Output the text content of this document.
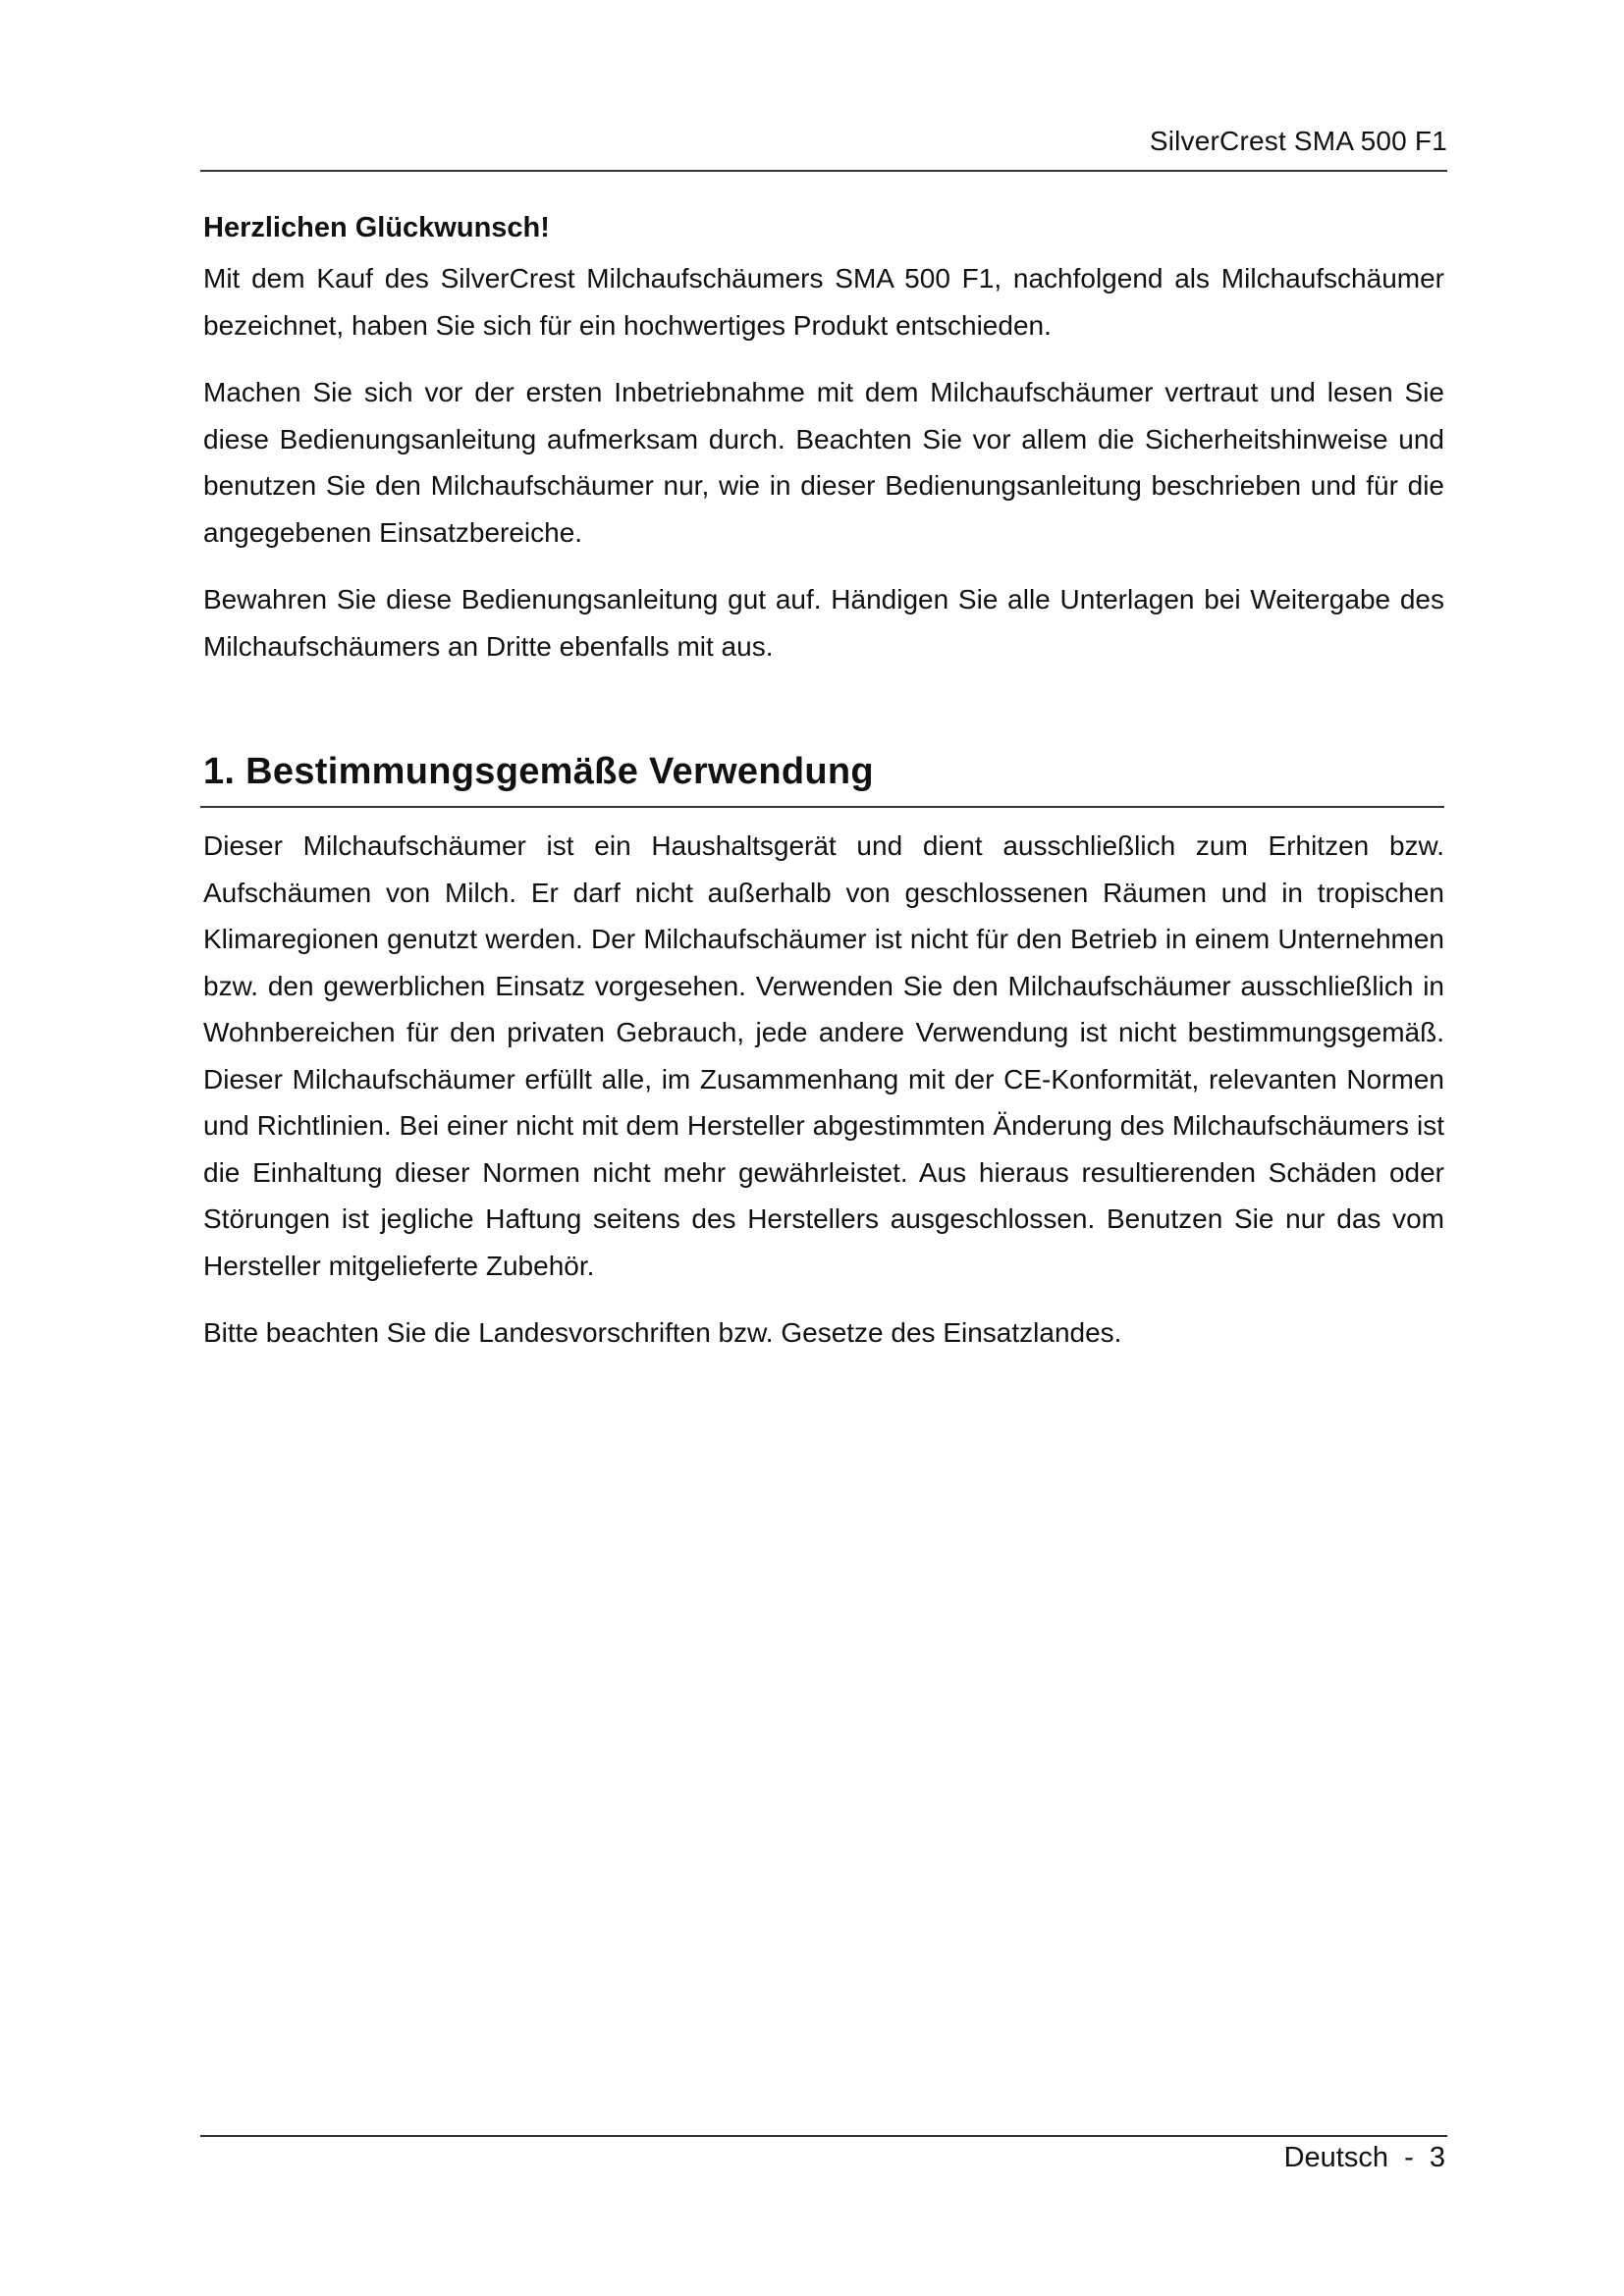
SilverCrest SMA 500 F1
Herzlichen Glückwunsch!

Mit dem Kauf des SilverCrest Milchaufschäumers SMA 500 F1, nachfolgend als Milchaufschäumer bezeichnet, haben Sie sich für ein hochwertiges Produkt entschieden.

Machen Sie sich vor der ersten Inbetriebnahme mit dem Milchaufschäumer vertraut und lesen Sie diese Bedienungsanleitung aufmerksam durch. Beachten Sie vor allem die Sicherheitshinweise und benutzen Sie den Milchaufschäumer nur, wie in dieser Bedienungsanleitung beschrieben und für die angegebenen Einsatzbereiche.

Bewahren Sie diese Bedienungsanleitung gut auf. Händigen Sie alle Unterlagen bei Weitergabe des Milchaufschäumers an Dritte ebenfalls mit aus.

1. Bestimmungsgemäße Verwendung

Dieser Milchaufschäumer ist ein Haushaltsgerät und dient ausschließlich zum Erhitzen bzw. Aufschäumen von Milch. Er darf nicht außerhalb von geschlossenen Räumen und in tropischen Klimaregionen genutzt werden. Der Milchaufschäumer ist nicht für den Betrieb in einem Unternehmen bzw. den gewerblichen Einsatz vorgesehen. Verwenden Sie den Milchaufschäumer ausschließlich in Wohnbereichen für den privaten Gebrauch, jede andere Verwendung ist nicht bestimmungsgemäß. Dieser Milchaufschäumer erfüllt alle, im Zusammenhang mit der CE-Konformität, relevanten Normen und Richtlinien. Bei einer nicht mit dem Hersteller abgestimmten Änderung des Milchaufschäumers ist die Einhaltung dieser Normen nicht mehr gewährleistet. Aus hieraus resultierenden Schäden oder Störungen ist jegliche Haftung seitens des Herstellers ausgeschlossen. Benutzen Sie nur das vom Hersteller mitgelieferte Zubehör.

Bitte beachten Sie die Landesvorschriften bzw. Gesetze des Einsatzlandes.

Deutsch  -  3
